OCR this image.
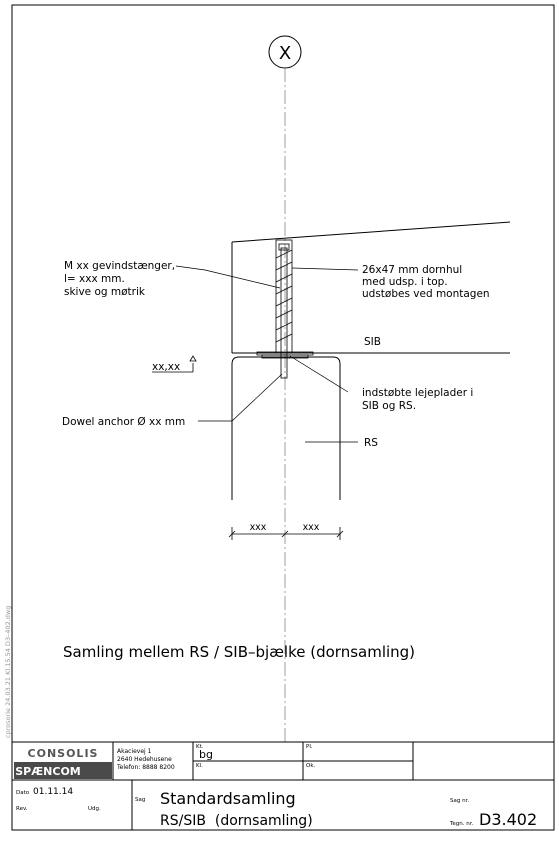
X
M xx gevindstænger, l= xxx mm. skive og møtrik
26x47 mm dornhul med udsp. i top. udstøbes ved montagen
SIB
xx,xx
indstøbte lejeplader i SIB og RS.
Dowel anchor Ø xx mm
RS
xxx	xxx
Samling mellem RS / SIB–bjælke (dornsamling)
cprosorie 24.03.21 Kl.15.54 D3–402.dwg
CONSOLIS
SPÆNCOM
Akacievej 1 2640 Hedehusene Telefon: 8888 8200
Kt.
bg
Pl.
Kl.	Ok.
Dato 01.11.14
Rev.	Udg.
Sag Standardsamling
RS/SIB  (dornsamling)
Sag nr.
Tegn. nr. D3.402
